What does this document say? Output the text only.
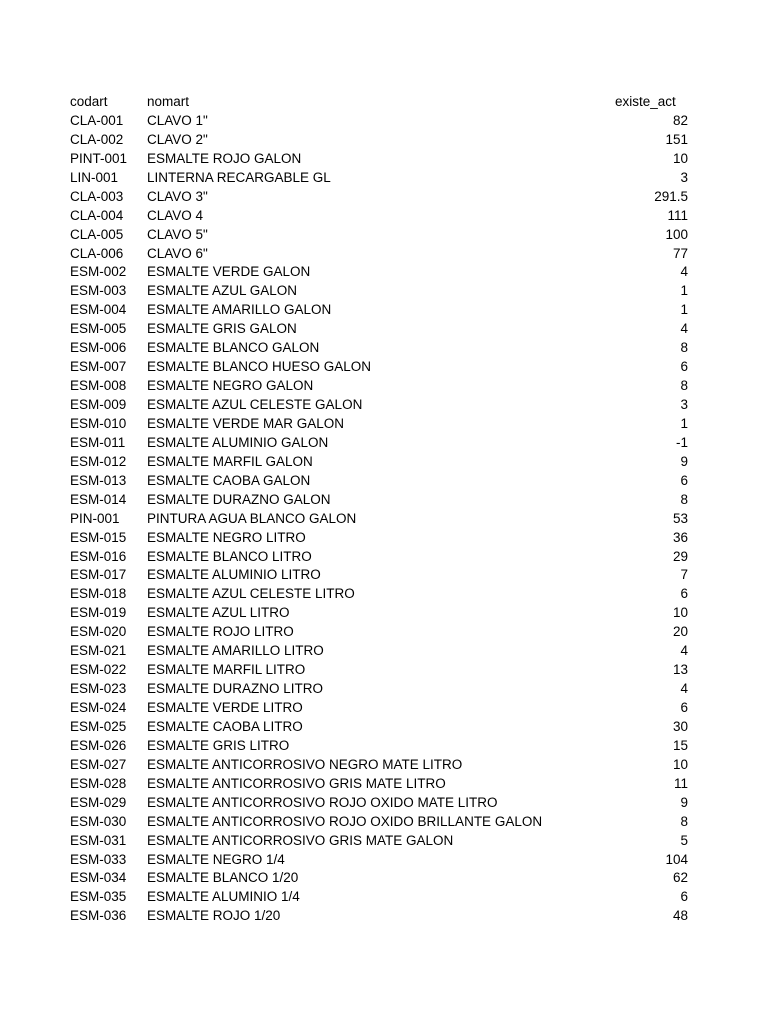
codart	nomart	existe_act
CLA-001 CLAVO 1"	82
CLA-002 CLAVO 2"	151
PINT-001 ESMALTE ROJO GALON	10
LIN-001 LINTERNA RECARGABLE GL	3
CLA-003 CLAVO 3"	291.5
CLA-004 CLAVO 4	111
CLA-005 CLAVO 5"	100
CLA-006 CLAVO 6"	77
ESM-002 ESMALTE VERDE GALON	4
ESM-003 ESMALTE AZUL GALON	1
ESM-004 ESMALTE AMARILLO GALON	1
ESM-005 ESMALTE GRIS GALON	4
ESM-006 ESMALTE BLANCO GALON	8
ESM-007 ESMALTE BLANCO HUESO GALON	6
ESM-008 ESMALTE NEGRO GALON	8
ESM-009 ESMALTE AZUL CELESTE GALON	3
ESM-010 ESMALTE VERDE MAR GALON	1
ESM-011 ESMALTE ALUMINIO GALON	-1
ESM-012 ESMALTE MARFIL GALON	9
ESM-013 ESMALTE CAOBA GALON	6
ESM-014 ESMALTE DURAZNO GALON	8
PIN-001 PINTURA AGUA BLANCO GALON	53
ESM-015 ESMALTE NEGRO LITRO	36
ESM-016 ESMALTE BLANCO LITRO	29
ESM-017 ESMALTE ALUMINIO LITRO	7
ESM-018 ESMALTE AZUL CELESTE LITRO	6
ESM-019 ESMALTE AZUL LITRO	10
ESM-020 ESMALTE ROJO LITRO	20
ESM-021 ESMALTE AMARILLO LITRO	4
ESM-022 ESMALTE MARFIL LITRO	13
ESM-023 ESMALTE DURAZNO LITRO	4
ESM-024 ESMALTE VERDE LITRO	6
ESM-025 ESMALTE CAOBA LITRO	30
ESM-026 ESMALTE GRIS LITRO	15
ESM-027 ESMALTE ANTICORROSIVO NEGRO MATE LITRO	10
ESM-028 ESMALTE ANTICORROSIVO GRIS MATE LITRO	11
ESM-029 ESMALTE ANTICORROSIVO ROJO OXIDO MATE LITRO	9
ESM-030 ESMALTE ANTICORROSIVO ROJO OXIDO BRILLANTE GALON	8
ESM-031 ESMALTE ANTICORROSIVO GRIS MATE GALON	5
ESM-033 ESMALTE NEGRO 1/4	104
ESM-034 ESMALTE BLANCO 1/20	62
ESM-035 ESMALTE ALUMINIO 1/4	6
ESM-036 ESMALTE ROJO 1/20	48
